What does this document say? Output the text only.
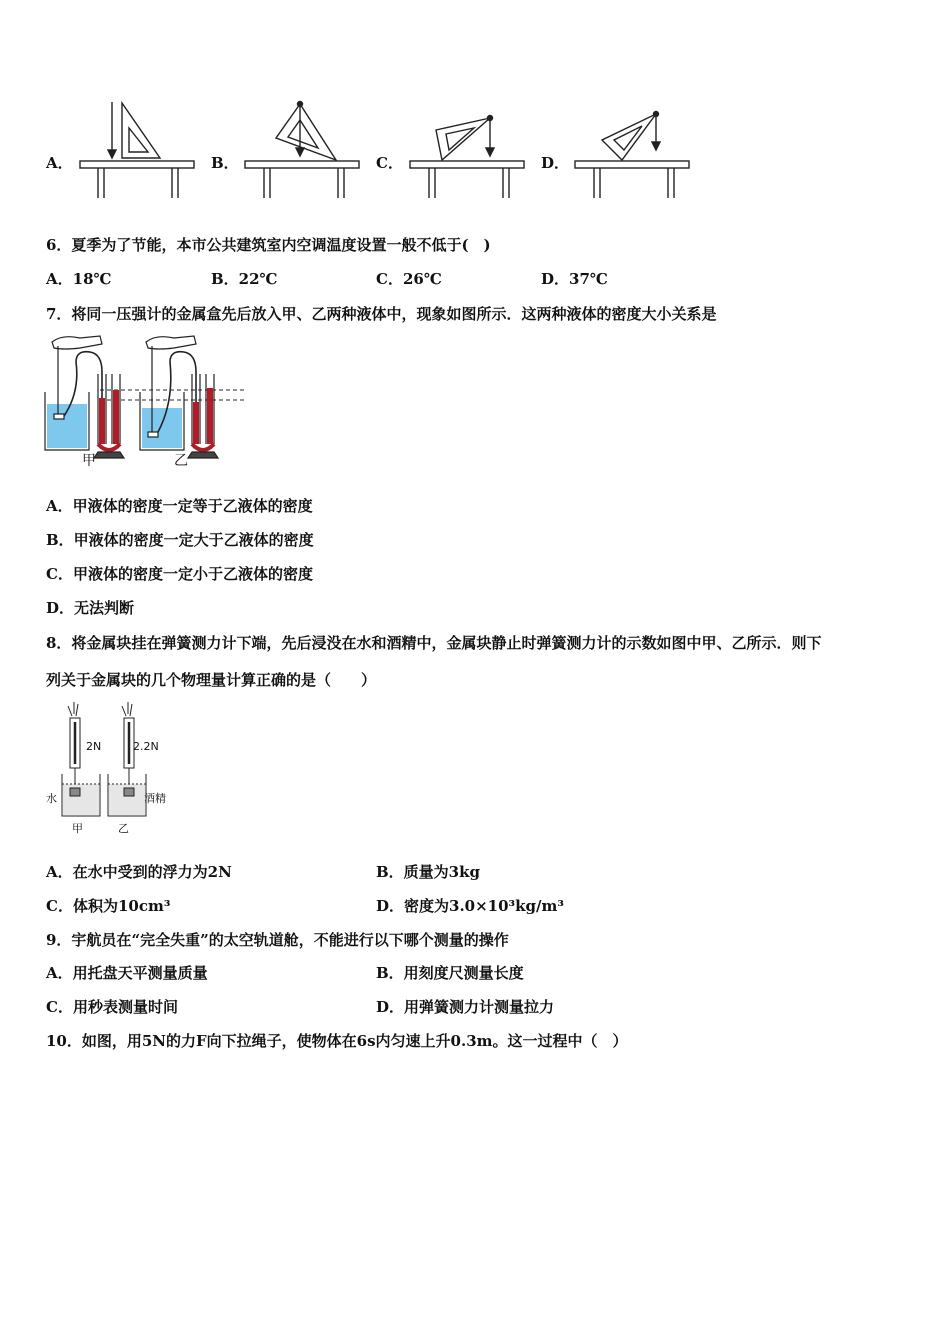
A．	B．	C．	D．
6．夏季为了节能，本市公共建筑室内空调温度设置一般不低于(　)
A．18℃	B．22℃	C．26℃	D．37℃
7．将同一压强计的金属盒先后放入甲、乙两种液体中，现象如图所示．这两种液体的密度大小关系是
甲	乙
A．甲液体的密度一定等于乙液体的密度
B．甲液体的密度一定大于乙液体的密度
C．甲液体的密度一定小于乙液体的密度
D．无法判断
8．将金属块挂在弹簧测力计下端，先后浸没在水和酒精中，金属块静止时弹簧测力计的示数如图中甲、乙所示．则下
列关于金属块的几个物理量计算正确的是（　　）
2N	2.2N
水	酒精
甲	乙
A．在水中受到的浮力为2N	B．质量为3kg
C．体积为10cm³	D．密度为3.0×10³kg/m³
9．宇航员在“完全失重”的太空轨道舱，不能进行以下哪个测量的操作
A．用托盘天平测量质量	B．用刻度尺测量长度
C．用秒表测量时间	D．用弹簧测力计测量拉力
10．如图，用5N的力F向下拉绳子，使物体在6s内匀速上升0.3m。这一过程中（　）
